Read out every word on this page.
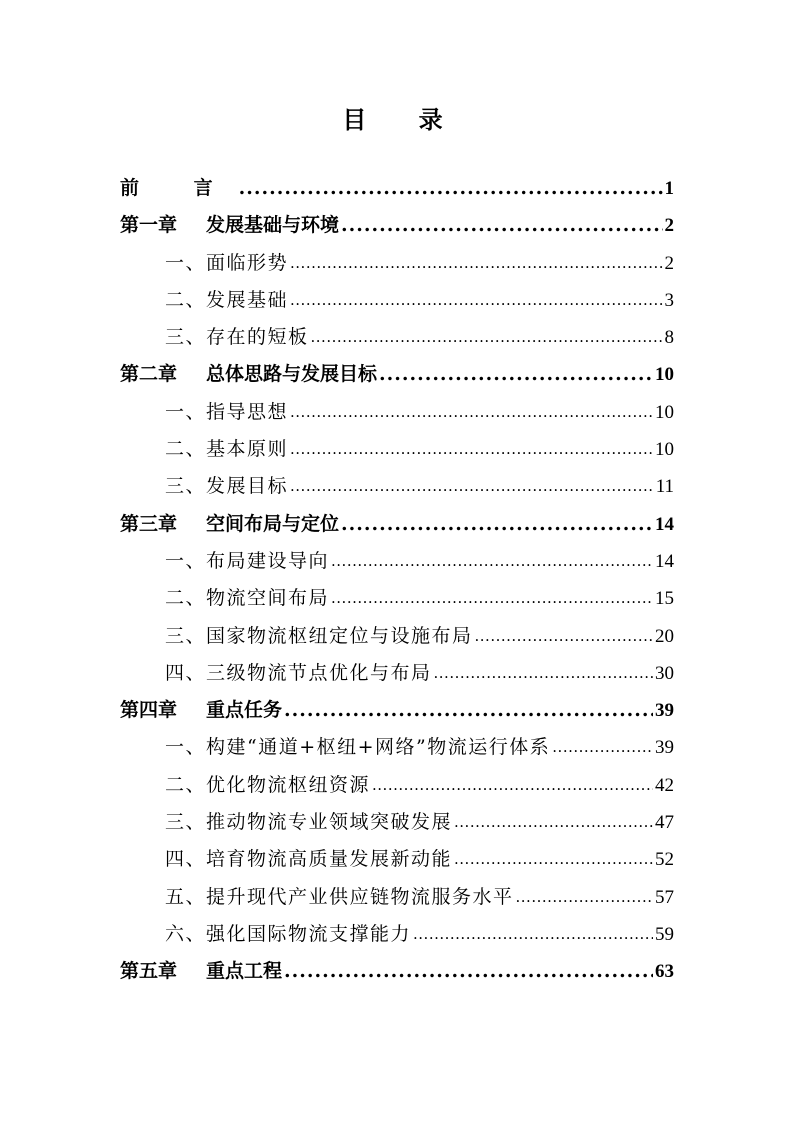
目 录
前 言 .....	1
第一章 发展基础与环境 .....	2
一、面临形势 .....	2
二、发展基础 .....	3
三、存在的短板 .....	8
第二章 总体思路与发展目标 .....	10
一、指导思想 .....	10
二、基本原则 .....	10
三、发展目标 .....	11
第三章 空间布局与定位 .....	14
一、布局建设导向 .....	14
二、物流空间布局 .....	15
三、国家物流枢纽定位与设施布局 .....	20
四、三级物流节点优化与布局 .....	30
第四章 重点任务 .....	39
一、构建“通道+枢纽+网络”物流运行体系 .....	39
二、优化物流枢纽资源 .....	42
三、推动物流专业领域突破发展 .....	47
四、培育物流高质量发展新动能 .....	52
五、提升现代产业供应链物流服务水平 .....	57
六、强化国际物流支撑能力 .....	59
第五章 重点工程 .....	63
